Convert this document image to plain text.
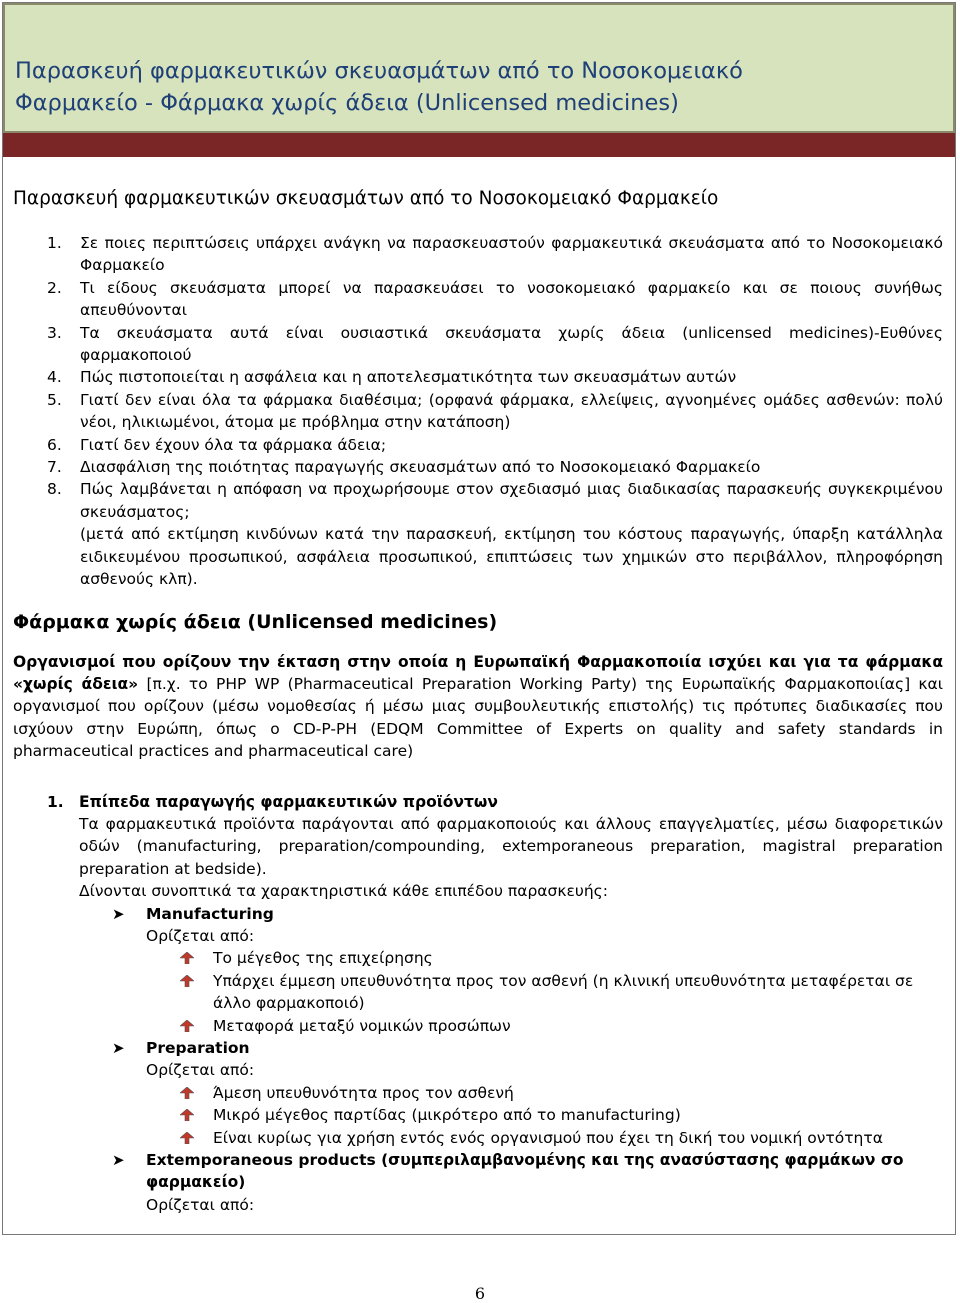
Παρασκευή φαρμακευτικών σκευασμάτων από το Νοσοκομειακό
Φαρμακείο - Φάρμακα χωρίς άδεια (Unlicensed medicines)
Παρασκευή φαρμακευτικών σκευασμάτων από το Νοσοκομειακό Φαρμακείο
1. Σε ποιες περιπτώσεις υπάρχει ανάγκη να παρασκευαστούν φαρμακευτικά σκευάσματα από το Νοσοκομειακό Φαρμακείο
2. Τι είδους σκευάσματα μπορεί να παρασκευάσει το νοσοκομειακό φαρμακείο και σε ποιους συνήθως απευθύνονται
3. Τα σκευάσματα αυτά είναι ουσιαστικά σκευάσματα χωρίς άδεια (unlicensed medicines)-Ευθύνες φαρμακοποιού
4. Πώς πιστοποιείται η ασφάλεια και η αποτελεσματικότητα των σκευασμάτων αυτών
5. Γιατί δεν είναι όλα τα φάρμακα διαθέσιμα; (ορφανά φάρμακα, ελλείψεις, αγνοημένες ομάδες ασθενών: πολύ νέοι, ηλικιωμένοι, άτομα με πρόβλημα στην κατάποση)
6. Γιατί δεν έχουν όλα τα φάρμακα άδεια;
7. Διασφάλιση της ποιότητας παραγωγής σκευασμάτων από το Νοσοκομειακό Φαρμακείο
8. Πώς λαμβάνεται η απόφαση να προχωρήσουμε στον σχεδιασμό μιας διαδικασίας παρασκευής συγκεκριμένου σκευάσματος;
(μετά από εκτίμηση κινδύνων κατά την παρασκευή, εκτίμηση του κόστους παραγωγής, ύπαρξη κατάλληλα ειδικευμένου προσωπικού, ασφάλεια προσωπικού, επιπτώσεις των χημικών στο περιβάλλον, πληροφόρηση ασθενούς κλπ).
Φάρμακα χωρίς άδεια (Unlicensed medicines)
Οργανισμοί που ορίζουν την έκταση στην οποία η Ευρωπαϊκή Φαρμακοποιία ισχύει και για τα φάρμακα «χωρίς άδεια» [π.χ. το PHP WP (Pharmaceutical Preparation Working Party) της Ευρωπαϊκής Φαρμακοποιίας] και οργανισμοί που ορίζουν (μέσω νομοθεσίας ή μέσω μιας συμβουλευτικής επιστολής) τις πρότυπες διαδικασίες που ισχύουν στην Ευρώπη, όπως ο CD-P-PH (EDQM Committee of Experts on quality and safety standards in pharmaceutical practices and pharmaceutical care)
1. Επίπεδα παραγωγής φαρμακευτικών προϊόντων
Τα φαρμακευτικά προϊόντα παράγονται από φαρμακοποιούς και άλλους επαγγελματίες, μέσω διαφορετικών οδών (manufacturing, preparation/compounding, extemporaneous preparation, magistral preparation preparation at bedside).
Δίνονται συνοπτικά τα χαρακτηριστικά κάθε επιπέδου παρασκευής:
➤ Manufacturing
Ορίζεται από:
Το μέγεθος της επιχείρησης
Υπάρχει έμμεση υπευθυνότητα προς τον ασθενή (η κλινική υπευθυνότητα μεταφέρεται σε άλλο φαρμακοποιό)
Μεταφορά μεταξύ νομικών προσώπων
➤ Preparation
Ορίζεται από:
Άμεση υπευθυνότητα προς τον ασθενή
Μικρό μέγεθος παρτίδας (μικρότερο από το manufacturing)
Είναι κυρίως για χρήση εντός ενός οργανισμού που έχει τη δική του νομική οντότητα
➤ Extemporaneous products (συμπεριλαμβανομένης και της ανασύστασης φαρμάκων σο φαρμακείο)
Ορίζεται από:
6
